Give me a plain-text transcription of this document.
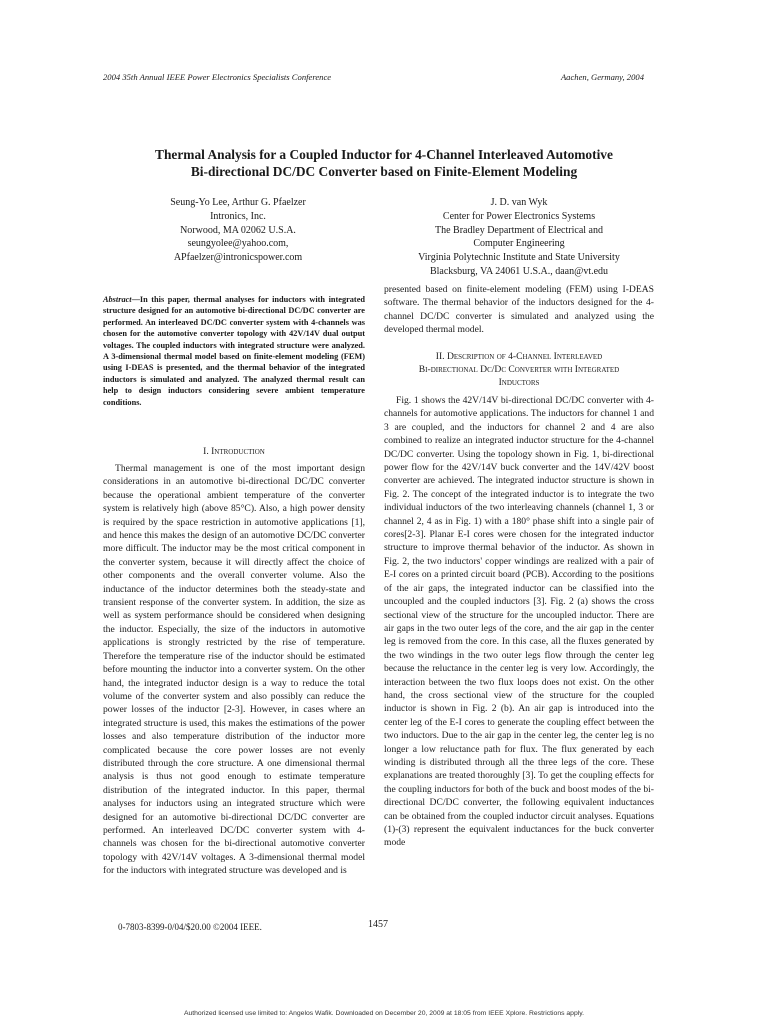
2004 35th Annual IEEE Power Electronics Specialists Conference	Aachen, Germany, 2004
Thermal Analysis for a Coupled Inductor for 4-Channel Interleaved Automotive
Bi-directional DC/DC Converter based on Finite-Element Modeling
Seung-Yo Lee, Arthur G. Pfaelzer
Intronics, Inc.
Norwood, MA 02062 U.S.A.
seungyolee@yahoo.com,
APfaelzer@intronicspower.com
J. D. van Wyk
Center for Power Electronics Systems
The Bradley Department of Electrical and
Computer Engineering
Virginia Polytechnic Institute and State University
Blacksburg, VA 24061 U.S.A., daan@vt.edu
Abstract—In this paper, thermal analyses for inductors with integrated structure designed for an automotive bi-directional DC/DC converter are performed. An interleaved DC/DC converter system with 4-channels was chosen for the automotive converter topology with 42V/14V dual output voltages. The coupled inductors with integrated structure were analyzed. A 3-dimensional thermal model based on finite-element modeling (FEM) using I-DEAS is presented, and the thermal behavior of the integrated inductors is simulated and analyzed. The analyzed thermal result can help to design inductors considering severe ambient temperature conditions.
I. Introduction
Thermal management is one of the most important design considerations in an automotive bi-directional DC/DC converter because the operational ambient temperature of the converter system is relatively high (above 85°C). Also, a high power density is required by the space restriction in automotive applications [1], and hence this makes the design of an automotive DC/DC converter more difficult. The inductor may be the most critical component in the converter system, because it will directly affect the choice of other components and the overall converter volume. Also the inductance of the inductor determines both the steady-state and transient response of the converter system. In addition, the size as well as system performance should be considered when designing the inductor. Especially, the size of the inductors in automotive applications is strongly restricted by the rise of temperature. Therefore the temperature rise of the inductor should be estimated before mounting the inductor into a converter system. On the other hand, the integrated inductor design is a way to reduce the total volume of the converter system and also possibly can reduce the power losses of the inductor [2-3]. However, in cases where an integrated structure is used, this makes the estimations of the power losses and also temperature distribution of the inductor more complicated because the core power losses are not evenly distributed through the core structure. A one dimensional thermal analysis is thus not good enough to estimate temperature distribution of the integrated inductor. In this paper, thermal analyses for inductors using an integrated structure which were designed for an automotive bi-directional DC/DC converter are performed. An interleaved DC/DC converter system with 4-channels was chosen for the bi-directional automotive converter topology with 42V/14V voltages. A 3-dimensional thermal model for the inductors with integrated structure was developed and is
presented based on finite-element modeling (FEM) using I-DEAS software. The thermal behavior of the inductors designed for the 4-channel DC/DC converter is simulated and analyzed using the developed thermal model.
II. Description of 4-Channel Interleaved
Bi-directional Dc/Dc Converter with Integrated
Inductors
Fig. 1 shows the 42V/14V bi-directional DC/DC converter with 4-channels for automotive applications. The inductors for channel 1 and 3 are coupled, and the inductors for channel 2 and 4 are also combined to realize an integrated inductor structure for the 4-channel DC/DC converter. Using the topology shown in Fig. 1, bi-directional power flow for the 42V/14V buck converter and the 14V/42V boost converter are achieved. The integrated inductor structure is shown in Fig. 2. The concept of the integrated inductor is to integrate the two individual inductors of the two interleaving channels (channel 1, 3 or channel 2, 4 as in Fig. 1) with a 180° phase shift into a single pair of cores[2-3]. Planar E-I cores were chosen for the integrated inductor structure to improve thermal behavior of the inductor. As shown in Fig. 2, the two inductors' copper windings are realized with a pair of E-I cores on a printed circuit board (PCB). According to the positions of the air gaps, the integrated inductor can be classified into the uncoupled and the coupled inductors [3]. Fig. 2 (a) shows the cross sectional view of the structure for the uncoupled inductor. There are air gaps in the two outer legs of the core, and the air gap in the center leg is removed from the core. In this case, all the fluxes generated by the two windings in the two outer legs flow through the center leg because the reluctance in the center leg is very low. Accordingly, the interaction between the two flux loops does not exist. On the other hand, the cross sectional view of the structure for the coupled inductor is shown in Fig. 2 (b). An air gap is introduced into the center leg of the E-I cores to generate the coupling effect between the two inductors. Due to the air gap in the center leg, the center leg is no longer a low reluctance path for flux. The flux generated by each winding is distributed through all the three legs of the core. These explanations are treated thoroughly [3]. To get the coupling effects for the coupling inductors for both of the buck and boost modes of the bi-directional DC/DC converter, the following equivalent inductances can be obtained from the coupled inductor circuit analyses. Equations (1)-(3) represent the equivalent inductances for the buck converter mode
0-7803-8399-0/04/$20.00 ©2004 IEEE.	1457
Authorized licensed use limited to: Angelos Wafik. Downloaded on December 20, 2009 at 18:05 from IEEE Xplore. Restrictions apply.
